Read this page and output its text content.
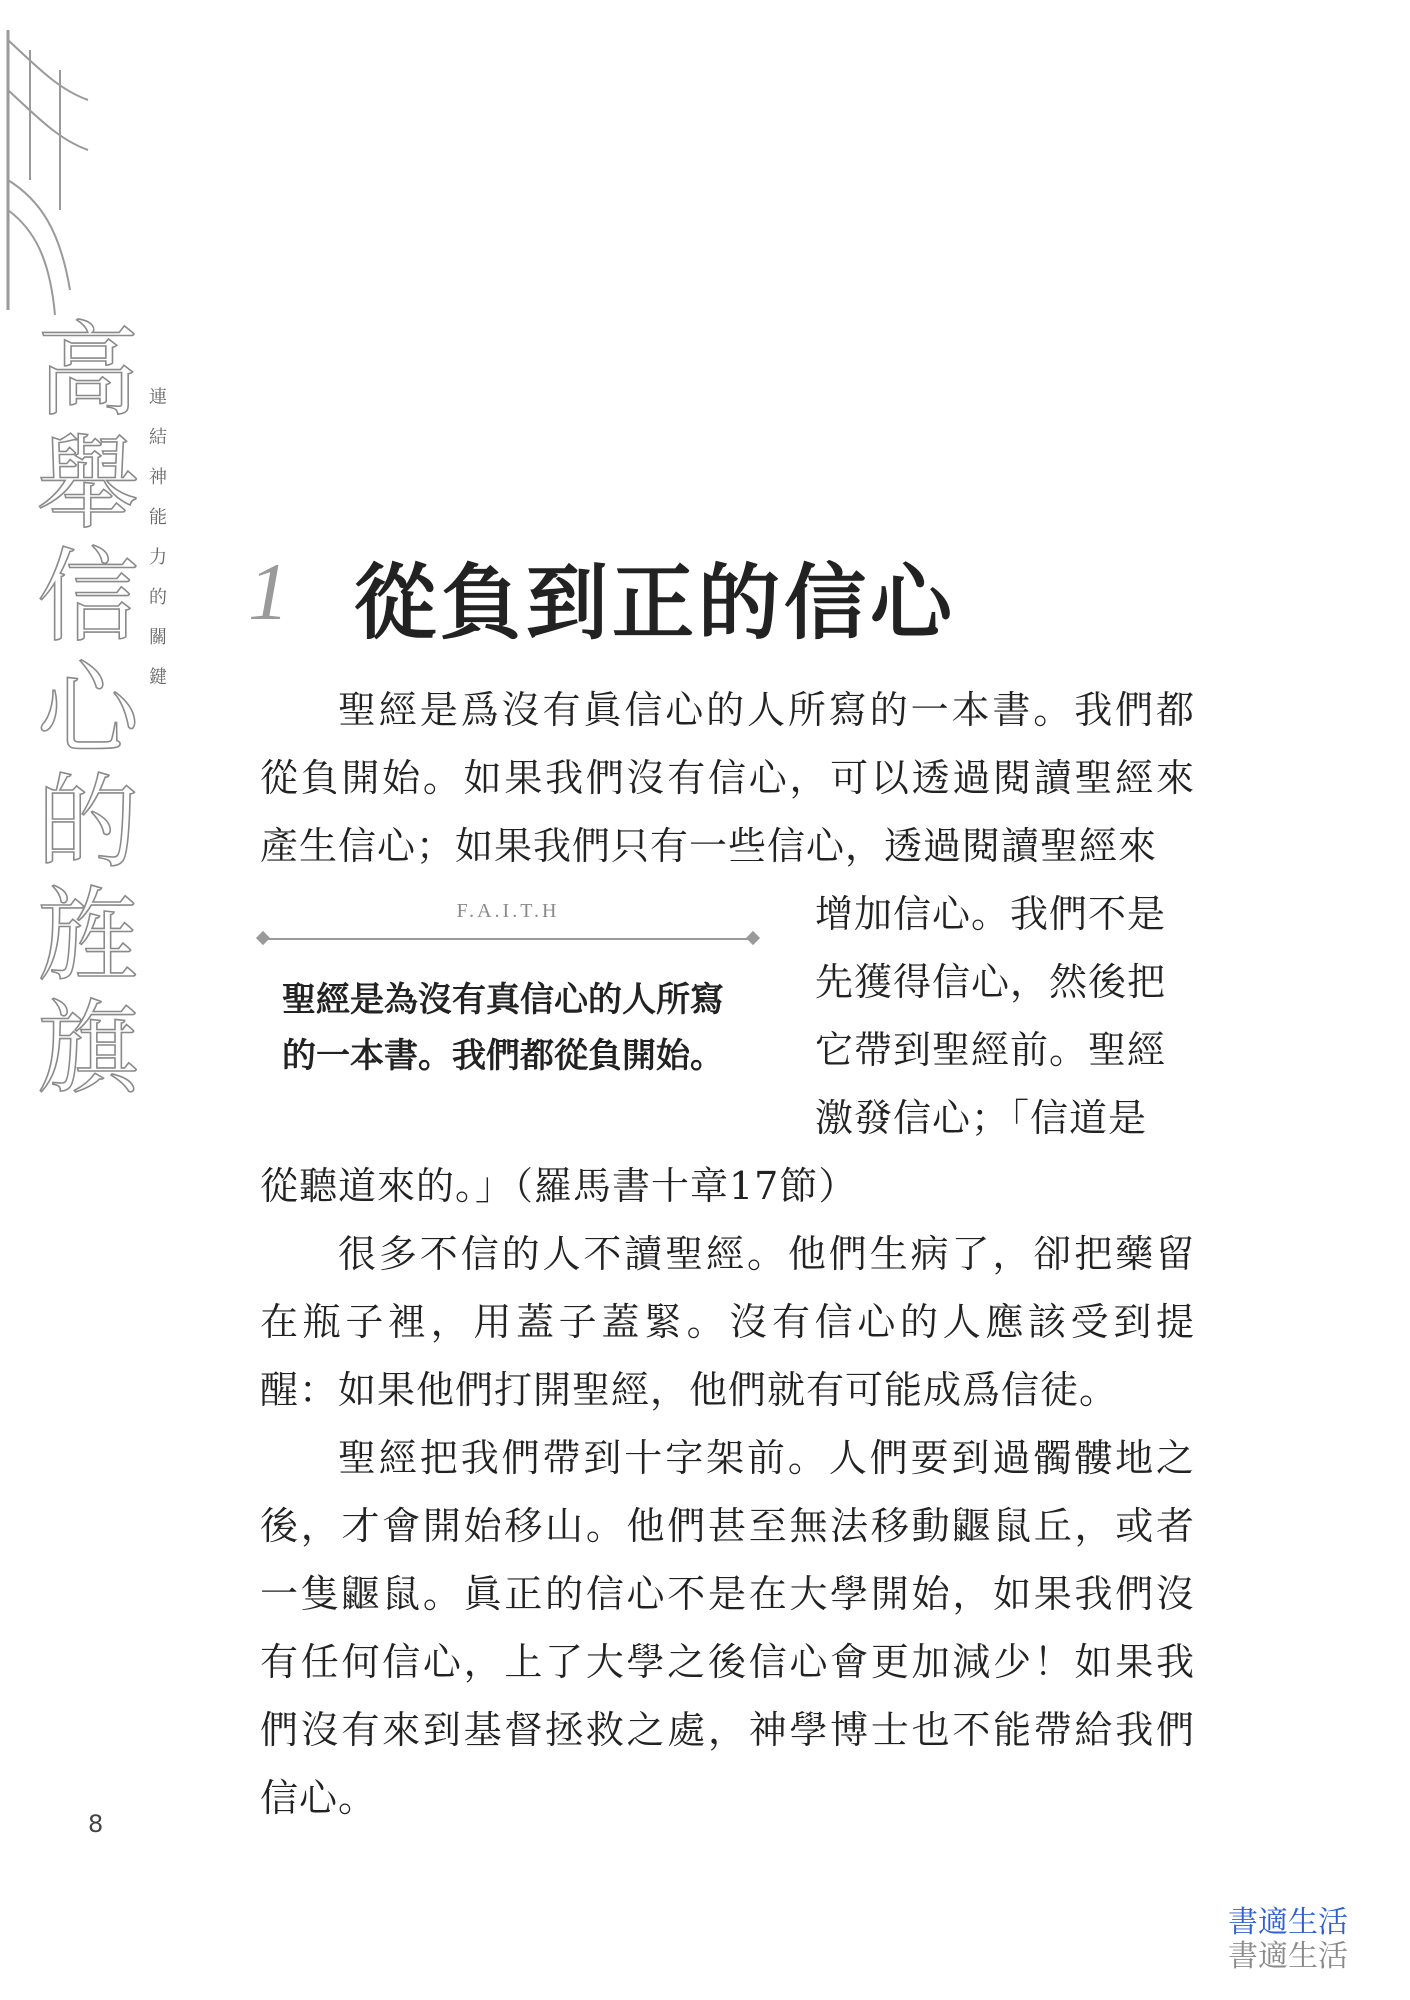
高
舉
信
心
的
旌
旗
連
結
神
能
力
的
關
鍵
1 從負到正的信心
聖經是爲沒有眞信心的人所寫的一本書。我們都從負開始。如果我們沒有信心，可以透過閱讀聖經來產生信心；如果我們只有一些信心，透過閱讀聖經來
F.A.I.T.H
聖經是為沒有真信心的人所寫的一本書。我們都從負開始。
增加信心。我們不是先獲得信心，然後把它帶到聖經前。聖經激發信心；「信道是
從聽道來的。」（羅馬書十章17節）
很多不信的人不讀聖經。他們生病了，卻把藥留在瓶子裡，用蓋子蓋緊。沒有信心的人應該受到提醒：如果他們打開聖經，他們就有可能成爲信徒。
聖經把我們帶到十字架前。人們要到過髑髏地之後，才會開始移山。他們甚至無法移動鼴鼠丘，或者一隻鼴鼠。眞正的信心不是在大學開始，如果我們沒有任何信心，上了大學之後信心會更加減少！如果我們沒有來到基督拯救之處，神學博士也不能帶給我們信心。
8
書適生活
書適生活
